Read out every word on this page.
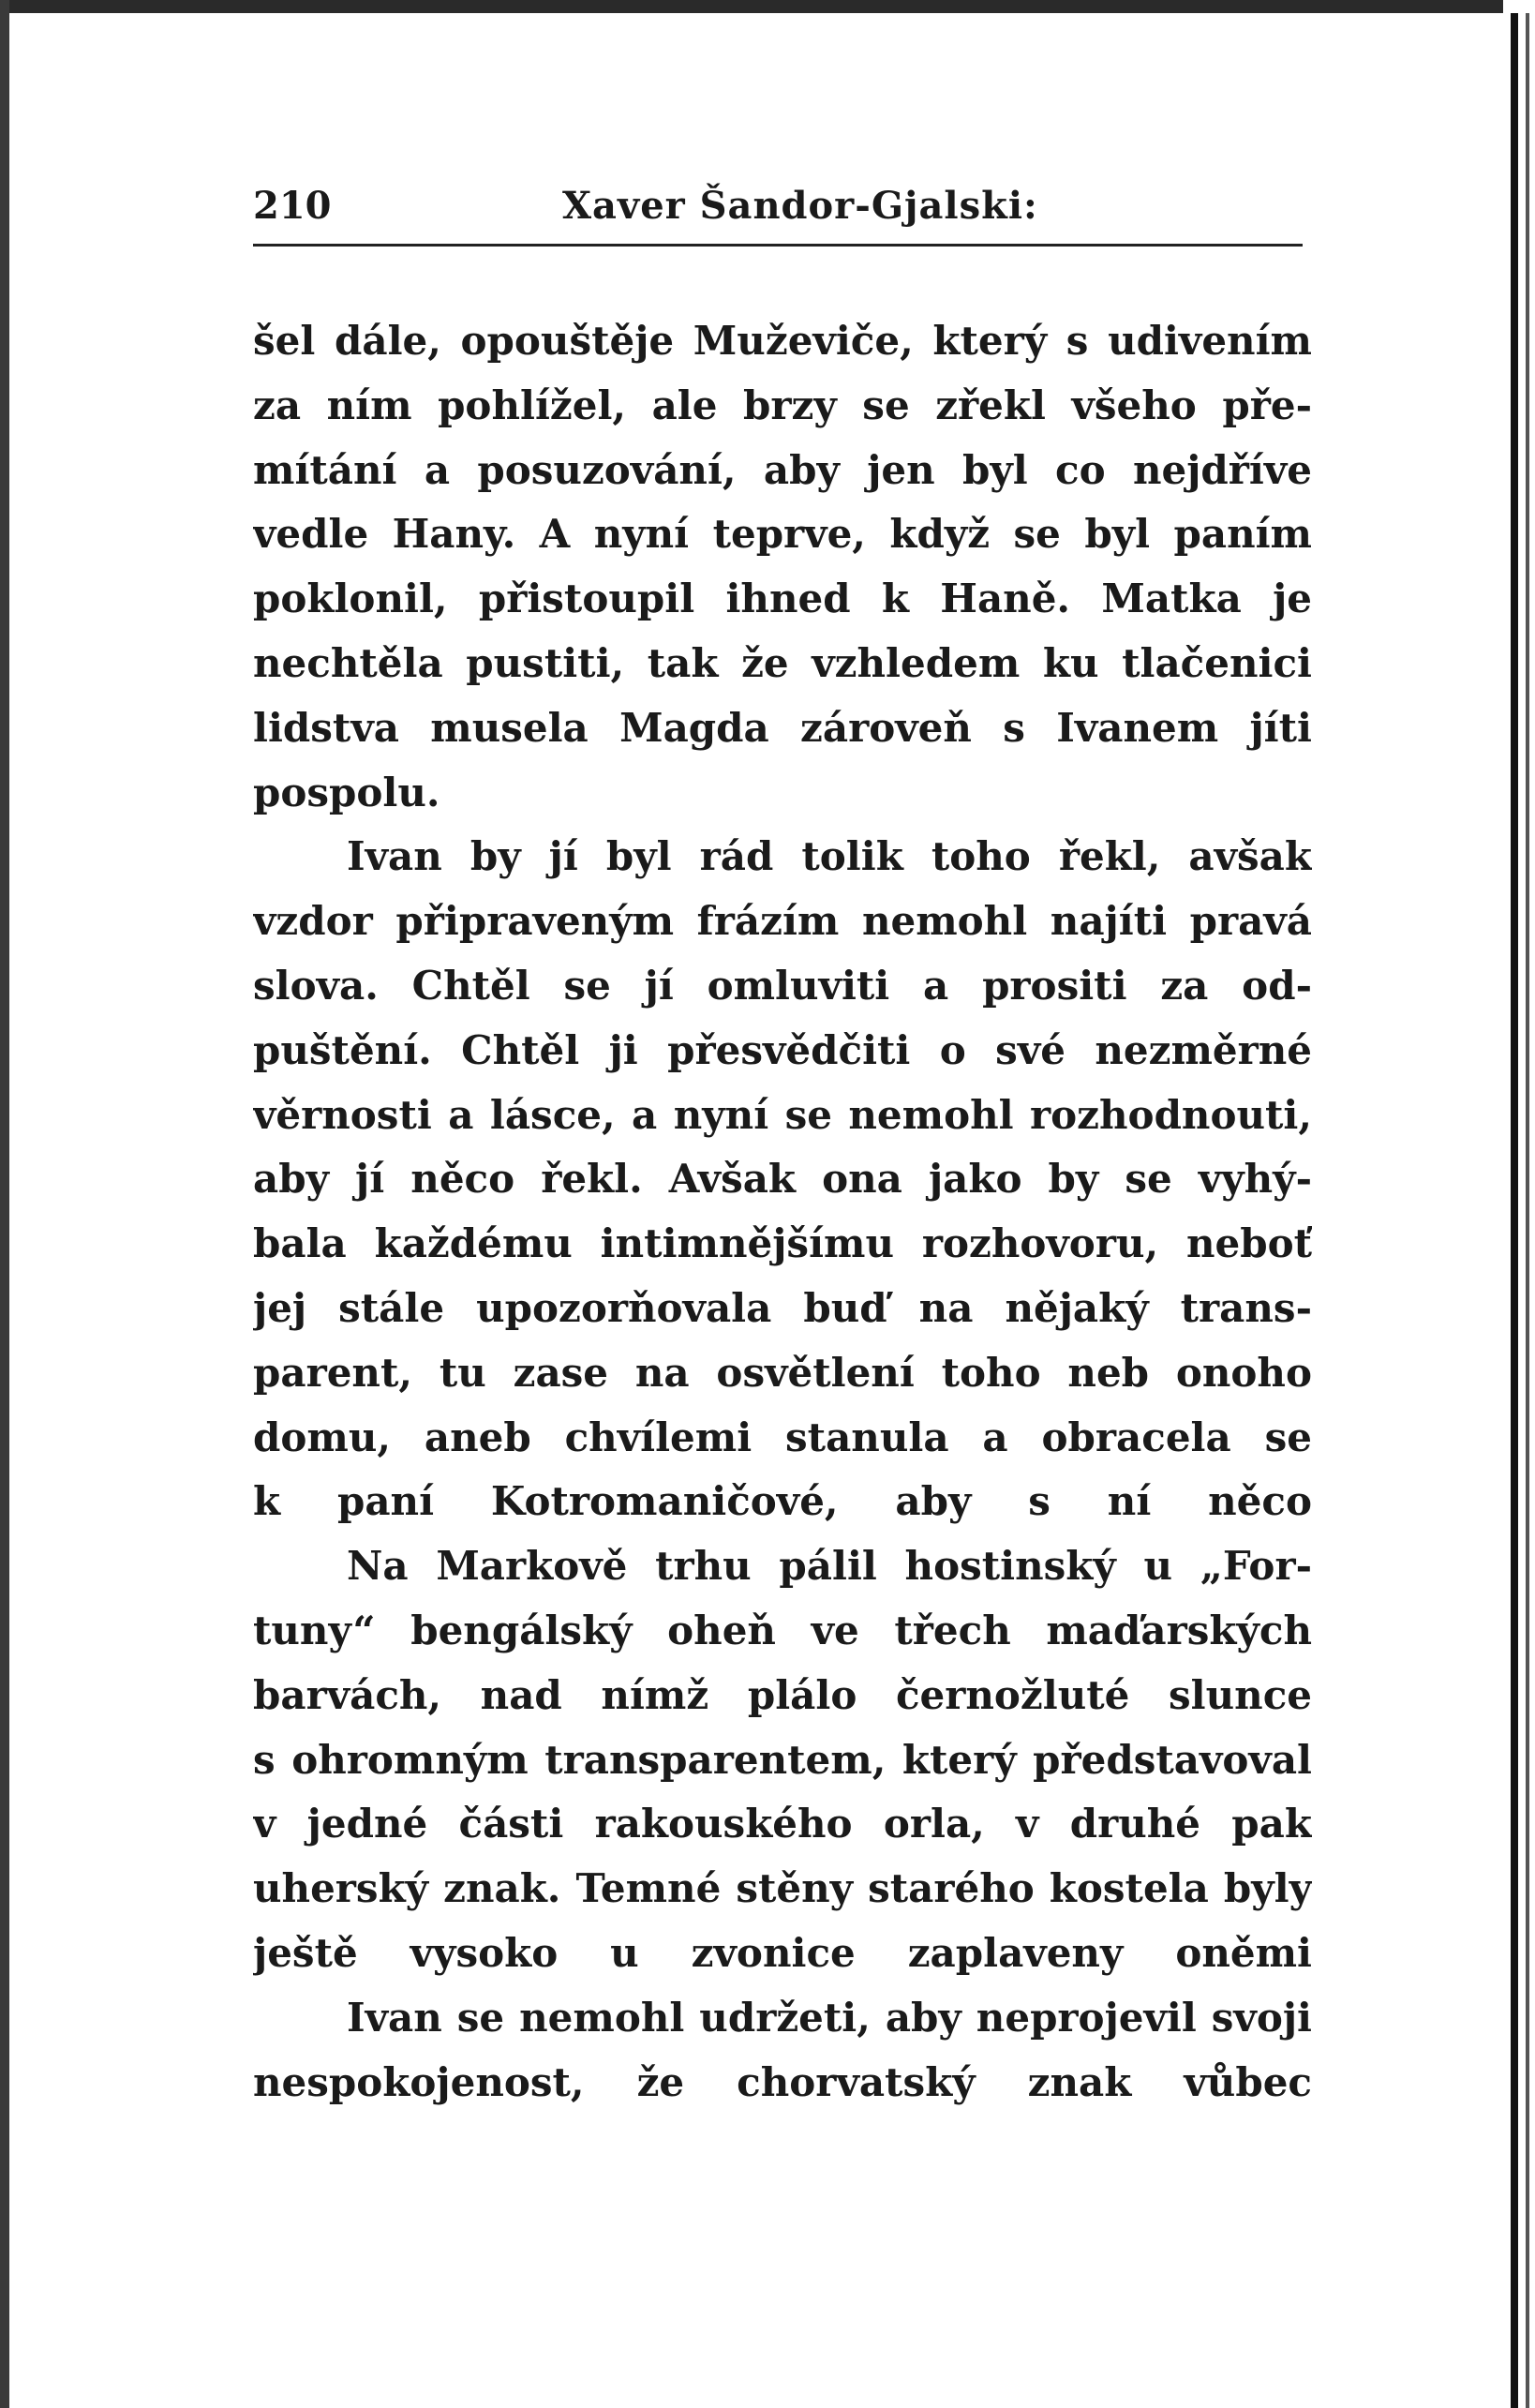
210	Xaver Šandor-Gjalski:
šel dále, opouštěje Muževiče, který s udivením
za ním pohlížel, ale brzy se zřekl všeho pře-
mítání a posuzování, aby jen byl co nejdříve
vedle Hany. A nyní teprve, když se byl paním
poklonil, přistoupil ihned k Haně. Matka je
nechtěla pustiti, tak že vzhledem ku tlačenici
lidstva musela Magda zároveň s Ivanem jíti
pospolu.
Ivan by jí byl rád tolik toho řekl, avšak
vzdor připraveným frázím nemohl najíti pravá
slova. Chtěl se jí omluviti a prositi za od-
puštění. Chtěl ji přesvědčiti o své nezměrné
věrnosti a lásce, a nyní se nemohl rozhodnouti,
aby jí něco řekl. Avšak ona jako by se vyhý-
bala každému intimnějšímu rozhovoru, neboť
jej stále upozorňovala buď na nějaký trans-
parent, tu zase na osvětlení toho neb onoho
domu, aneb chvílemi stanula a obracela se
k paní Kotromaničové, aby s ní něco
Na Markově trhu pálil hostinský u „For-
tuny“ bengálský oheň ve třech maďarských
barvách, nad nímž plálo černožluté slunce
s ohromným transparentem, který představoval
v jedné části rakouského orla, v druhé pak
uherský znak. Temné stěny starého kostela byly
ještě vysoko u zvonice zaplaveny oněmi
Ivan se nemohl udržeti, aby neprojevil svoji
nespokojenost, že chorvatský znak vůbec
